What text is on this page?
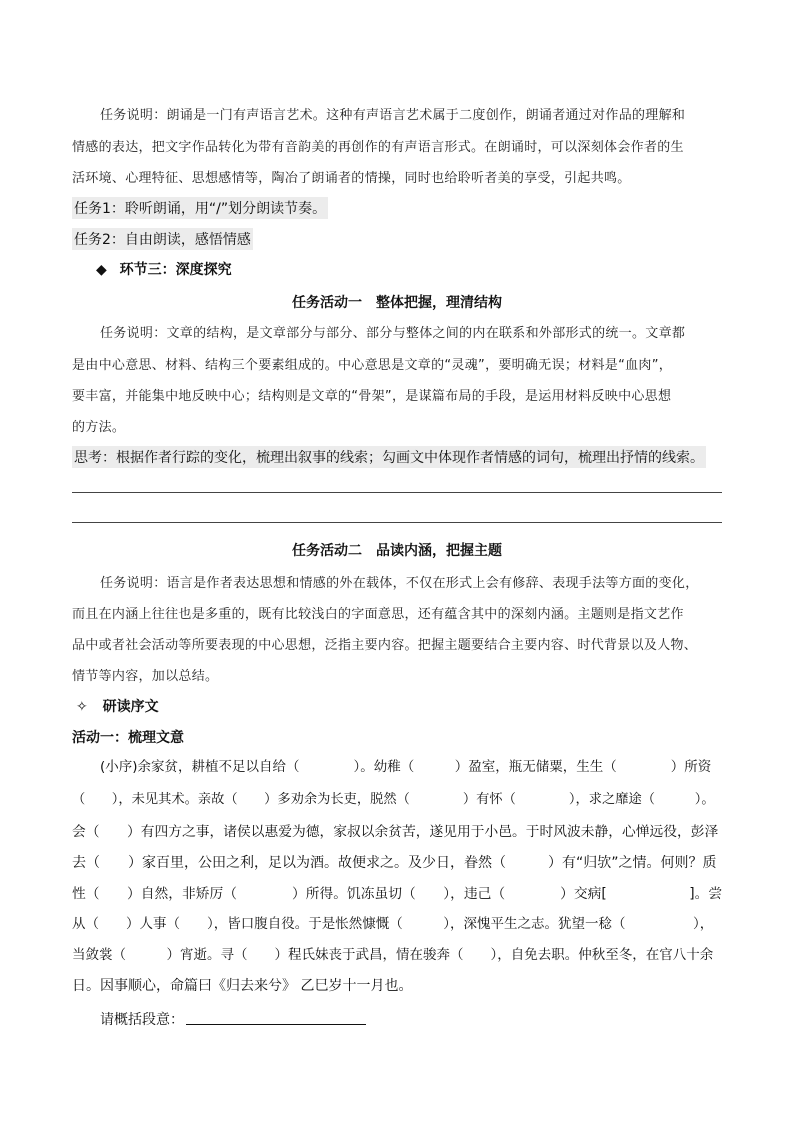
任务说明：朗诵是一门有声语言艺术。这种有声语言艺术属于二度创作，朗诵者通过对作品的理解和
情感的表达，把文字作品转化为带有音韵美的再创作的有声语言形式。在朗诵时，可以深刻体会作者的生
活环境、心理特征、思想感情等，陶冶了朗诵者的情操，同时也给聆听者美的享受，引起共鸣。
任务1：聆听朗诵，用“/”划分朗读节奏。
任务2：自由朗读，感悟情感
◆ 环节三：深度探究
任务活动一　整体把握，理清结构
任务说明：文章的结构，是文章部分与部分、部分与整体之间的内在联系和外部形式的统一。文章都
是由中心意思、材料、结构三个要素组成的。中心意思是文章的“灵魂”，要明确无误；材料是“血肉”，
要丰富，并能集中地反映中心；结构则是文章的“骨架”，是谋篇布局的手段，是运用材料反映中心思想
的方法。
思考：根据作者行踪的变化，梳理出叙事的线索；勾画文中体现作者情感的词句，梳理出抒情的线索。
任务活动二　品读内涵，把握主题
任务说明：语言是作者表达思想和情感的外在载体，不仅在形式上会有修辞、表现手法等方面的变化，
而且在内涵上往往也是多重的，既有比较浅白的字面意思，还有蕴含其中的深刻内涵。主题则是指文艺作
品中或者社会活动等所要表现的中心思想，泛指主要内容。把握主题要结合主要内容、时代背景以及人物、
情节等内容，加以总结。
✧ 研读序文
活动一：梳理文意
(小序)余家贫，耕植不足以自给（　　　　）。幼稚（　　　）盈室，瓶无储粟，生生（　　　　）所资
（　　），未见其术。亲故（　　）多劝余为长吏，脱然（　　　　）有怀（　　　　），求之靡途（　　　）。
会（　　）有四方之事，诸侯以惠爱为德，家叔以余贫苦，遂见用于小邑。于时风波未静，心惮远役，彭泽
去（　　）家百里，公田之利，足以为酒。故便求之。及少日，眷然（　　　）有“归欤”之情。何则？质
性（　　）自然，非矫厉（　　　　）所得。饥冻虽切（　　），违己（　　　　）交病[　　　　　　]。尝
从（　　）人事（　　），皆口腹自役。于是怅然慷慨（　　　），深愧平生之志。犹望一稔（　　　　　），
当敛裳（　　　）宵逝。寻（　　）程氏妹丧于武昌，情在骏奔（　　），自免去职。仲秋至冬，在官八十余
日。因事顺心，命篇曰《归去来兮》 乙巳岁十一月也。
请概括段意：
